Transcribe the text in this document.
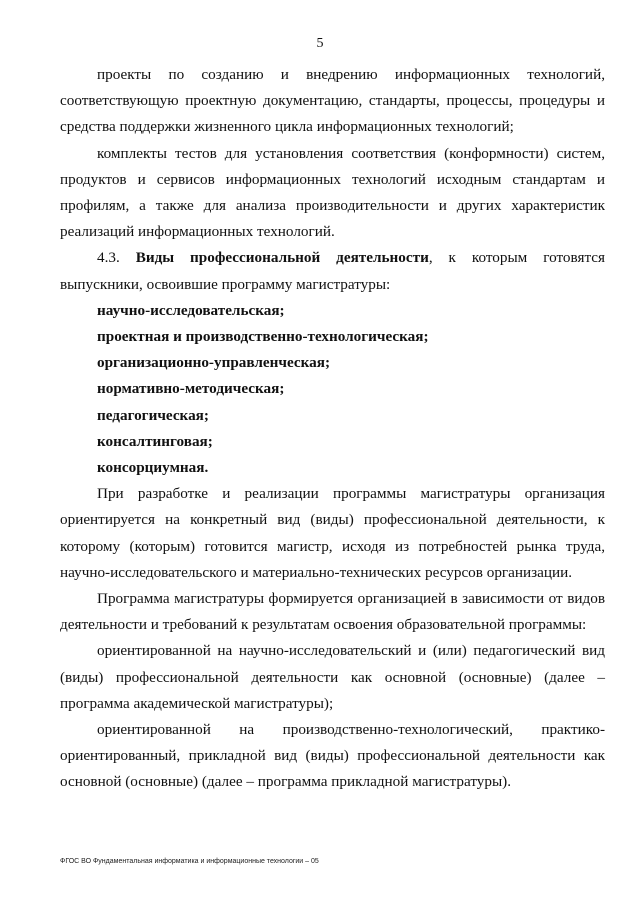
5

проекты по созданию и внедрению информационных технологий, соответствующую проектную документацию, стандарты, процессы, процедуры и средства поддержки жизненного цикла информационных технологий;

комплекты тестов для установления соответствия (конформности) систем, продуктов и сервисов информационных технологий исходным стандартам и профилям, а также для анализа производительности и других характеристик реализаций информационных технологий.

4.3. Виды профессиональной деятельности, к которым готовятся выпускники, освоившие программу магистратуры:

научно-исследовательская;

проектная и производственно-технологическая;

организационно-управленческая;

нормативно-методическая;

педагогическая;

консалтинговая;

консорциумная.

При разработке и реализации программы магистратуры организация ориентируется на конкретный вид (виды) профессиональной деятельности, к которому (которым) готовится магистр, исходя из потребностей рынка труда, научно-исследовательского и материально-технических ресурсов организации.

Программа магистратуры формируется организацией в зависимости от видов деятельности и требований к результатам освоения образовательной программы:

ориентированной на научно-исследовательский и (или) педагогический вид (виды) профессиональной деятельности как основной (основные) (далее – программа академической магистратуры);

ориентированной на производственно-технологический, практико-ориентированный, прикладной вид (виды) профессиональной деятельности как основной (основные) (далее – программа прикладной магистратуры).

ФГОС ВО Фундаментальная информатика и информационные технологии – 05
